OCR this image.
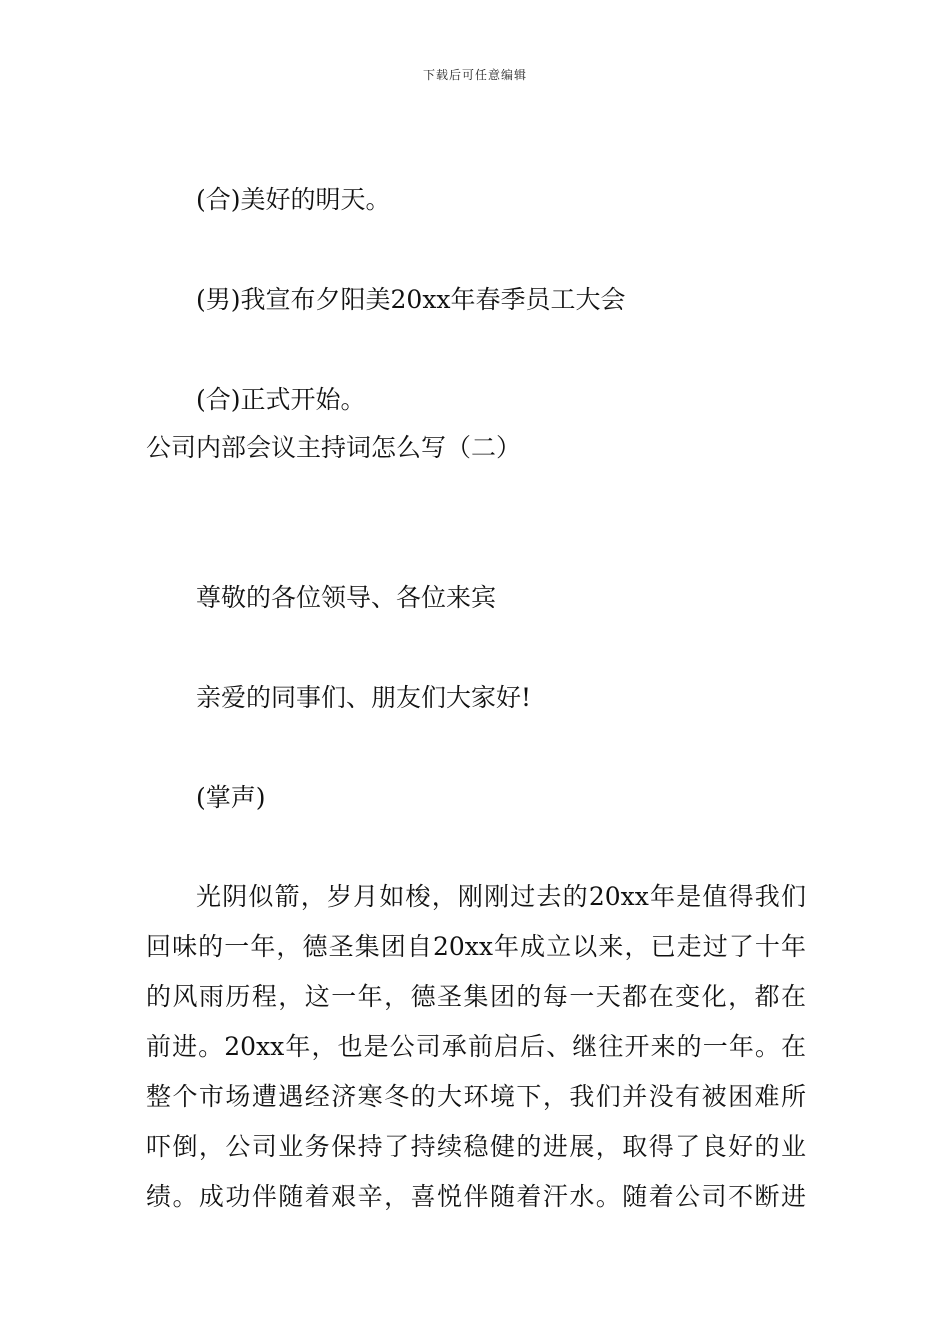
下载后可任意编辑
(合)美好的明天。
(男)我宣布夕阳美20xx年春季员工大会
(合)正式开始。
公司内部会议主持词怎么写（二）
尊敬的各位领导、各位来宾
亲爱的同事们、朋友们大家好!
(掌声)
光阴似箭，岁月如梭，刚刚过去的20xx年是值得我们
回味的一年，德圣集团自20xx年成立以来，已走过了十年
的风雨历程，这一年，德圣集团的每一天都在变化，都在
前进。20xx年，也是公司承前启后、继往开来的一年。在
整个市场遭遇经济寒冬的大环境下，我们并没有被困难所
吓倒，公司业务保持了持续稳健的进展，取得了良好的业
绩。成功伴随着艰辛，喜悦伴随着汗水。随着公司不断进
